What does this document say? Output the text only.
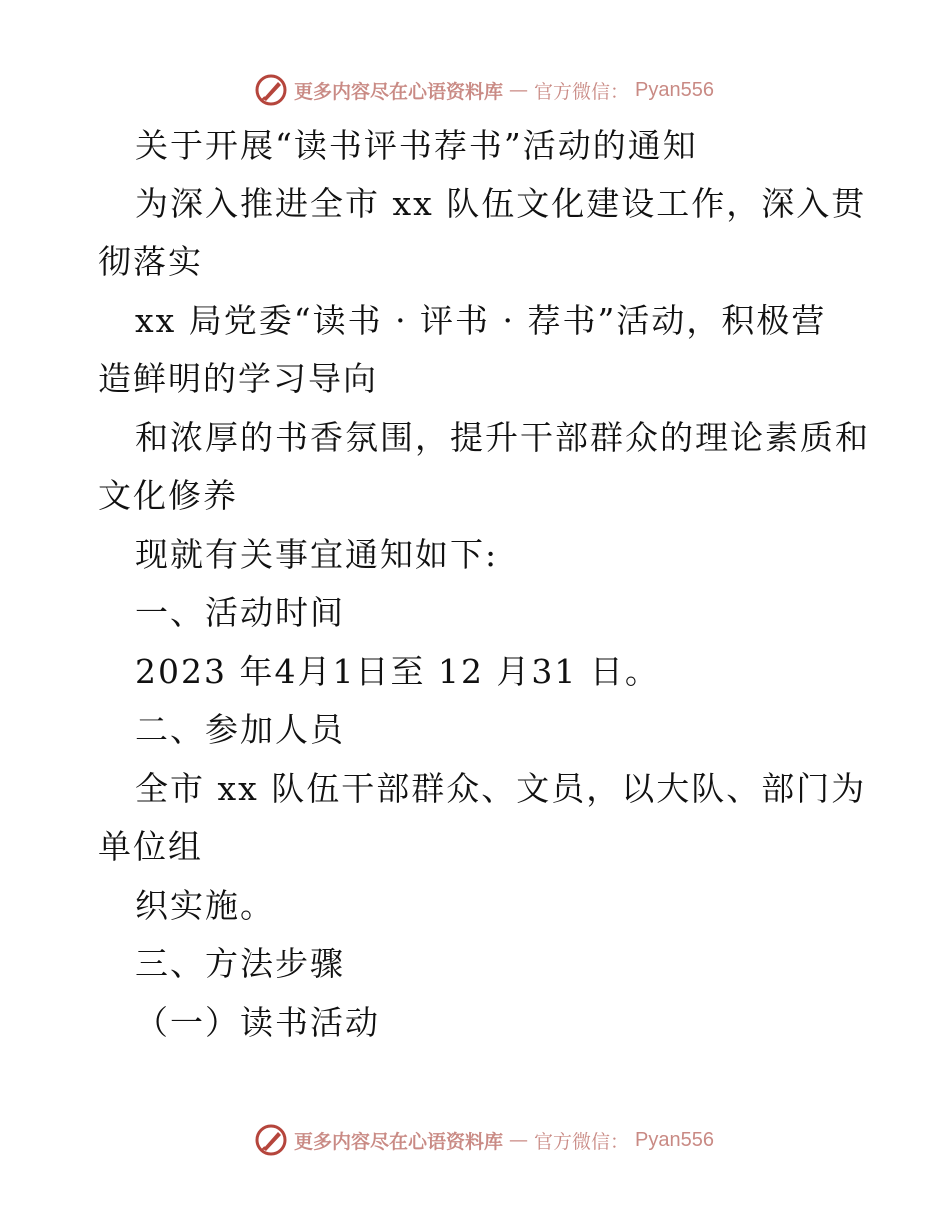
更多内容尽在心语资料库 — 官方微信： Pyan556
关于开展“读书评书荐书”活动的通知
为深入推进全市 xx 队伍文化建设工作，深入贯
彻落实
xx 局党委“读书 · 评书 · 荐书”活动，积极营
造鲜明的学习导向
和浓厚的书香氛围，提升干部群众的理论素质和
文化修养
现就有关事宜通知如下:
一、活动时间
2023 年4月1日至 12 月31 日。
二、参加人员
全市 xx 队伍干部群众、文员，以大队、部门为
单位组
织实施。
三、方法步骤
（一）读书活动
更多内容尽在心语资料库 — 官方微信： Pyan556
